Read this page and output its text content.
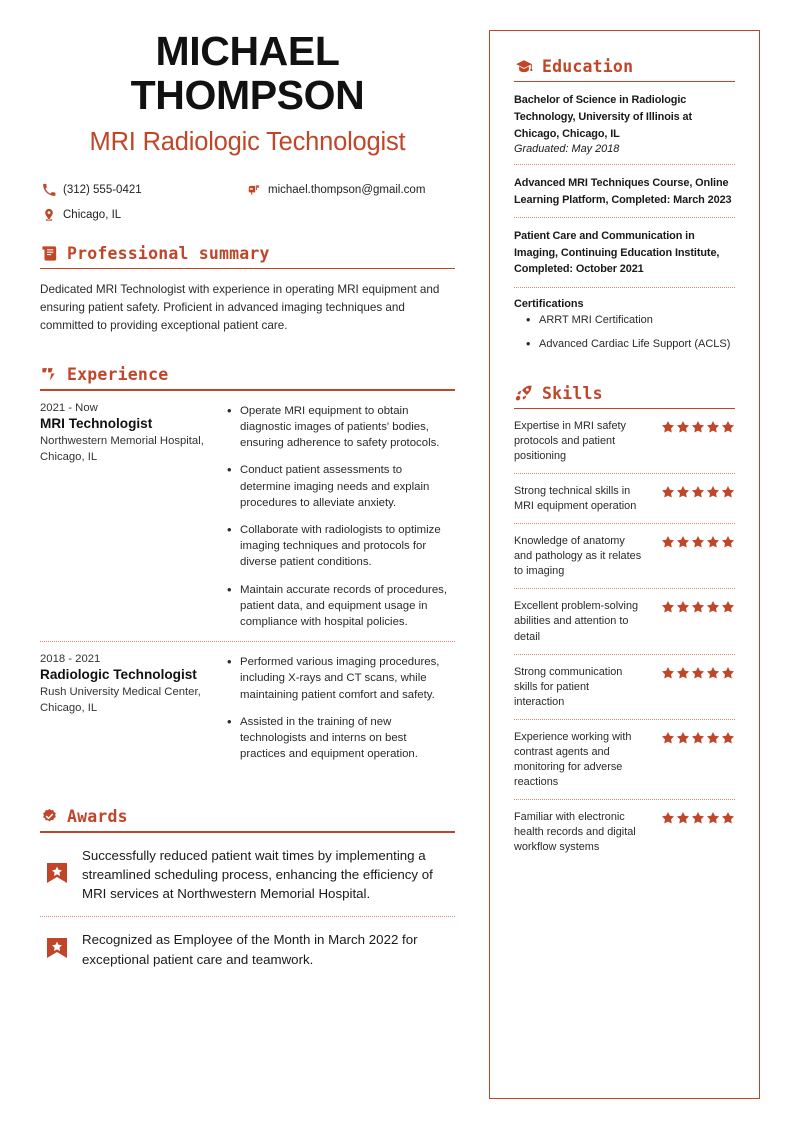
MICHAEL
THOMPSON
MRI Radiologic Technologist
(312) 555-0421	michael.thompson@gmail.com
Chicago, IL
Professional summary

Dedicated MRI Technologist with experience in operating MRI equipment and ensuring patient safety. Proficient in advanced imaging techniques and committed to providing exceptional patient care.

Experience
2021 - Now
MRI Technologist
Northwestern Memorial Hospital, Chicago, IL
• Operate MRI equipment to obtain diagnostic images of patients' bodies, ensuring adherence to safety protocols.
• Conduct patient assessments to determine imaging needs and explain procedures to alleviate anxiety.
• Collaborate with radiologists to optimize imaging techniques and protocols for diverse patient conditions.
• Maintain accurate records of procedures, patient data, and equipment usage in compliance with hospital policies.
2018 - 2021
Radiologic Technologist
Rush University Medical Center, Chicago, IL
• Performed various imaging procedures, including X-rays and CT scans, while maintaining patient comfort and safety.
• Assisted in the training of new technologists and interns on best practices and equipment operation.
Awards
Successfully reduced patient wait times by implementing a streamlined scheduling process, enhancing the efficiency of MRI services at Northwestern Memorial Hospital.
Recognized as Employee of the Month in March 2022 for exceptional patient care and teamwork.
Education
Bachelor of Science in Radiologic Technology, University of Illinois at Chicago, Chicago, IL
Graduated: May 2018
Advanced MRI Techniques Course, Online Learning Platform, Completed: March 2023
Patient Care and Communication in Imaging, Continuing Education Institute, Completed: October 2021
Certifications
• ARRT MRI Certification
• Advanced Cardiac Life Support (ACLS)
Skills
Expertise in MRI safety protocols and patient positioning
Strong technical skills in MRI equipment operation
Knowledge of anatomy and pathology as it relates to imaging
Excellent problem-solving abilities and attention to detail
Strong communication skills for patient interaction
Experience working with contrast agents and monitoring for adverse reactions
Familiar with electronic health records and digital workflow systems
